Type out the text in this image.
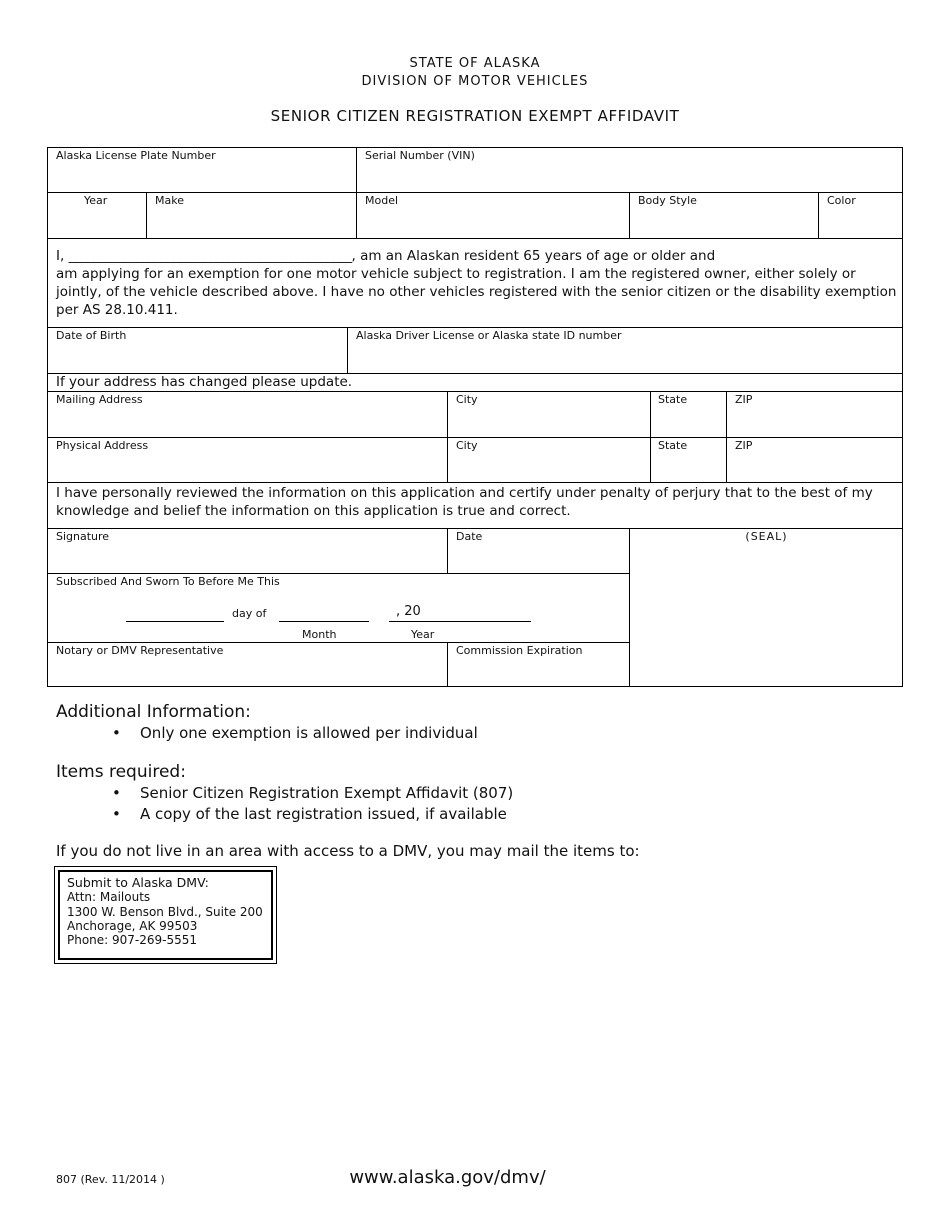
STATE OF ALASKA
DIVISION OF MOTOR VEHICLES
SENIOR CITIZEN REGISTRATION EXEMPT AFFIDAVIT
Alaska License Plate Number	Serial Number (VIN)
Year	Make	Model	Body Style	Color
I, ______________________________________________, am an Alaskan resident 65 years of age or older and
am applying for an exemption for one motor vehicle subject to registration. I am the registered owner, either solely or jointly, of the vehicle described above. I have no other vehicles registered with the senior citizen or the disability exemption per AS 28.10.411.
Date of Birth	Alaska Driver License or Alaska state ID number
If your address has changed please update.
Mailing Address	City	State	ZIP
Physical Address	City	State	ZIP
I have personally reviewed the information on this application and certify under penalty of perjury that to the best of my knowledge and belief the information on this application is true and correct.
Signature	Date	(SEAL)
Subscribed And Sworn To Before Me This
day of	, 20
Month	Year
Notary or DMV Representative	Commission Expiration
Additional Information:
• Only one exemption is allowed per individual
Items required:
• Senior Citizen Registration Exempt Affidavit (807)
• A copy of the last registration issued, if available
If you do not live in an area with access to a DMV, you may mail the items to:
Submit to Alaska DMV:
Attn: Mailouts
1300 W. Benson Blvd., Suite 200
Anchorage, AK 99503
Phone: 907-269-5551
807 (Rev. 11/2014 )	www.alaska.gov/dmv/
